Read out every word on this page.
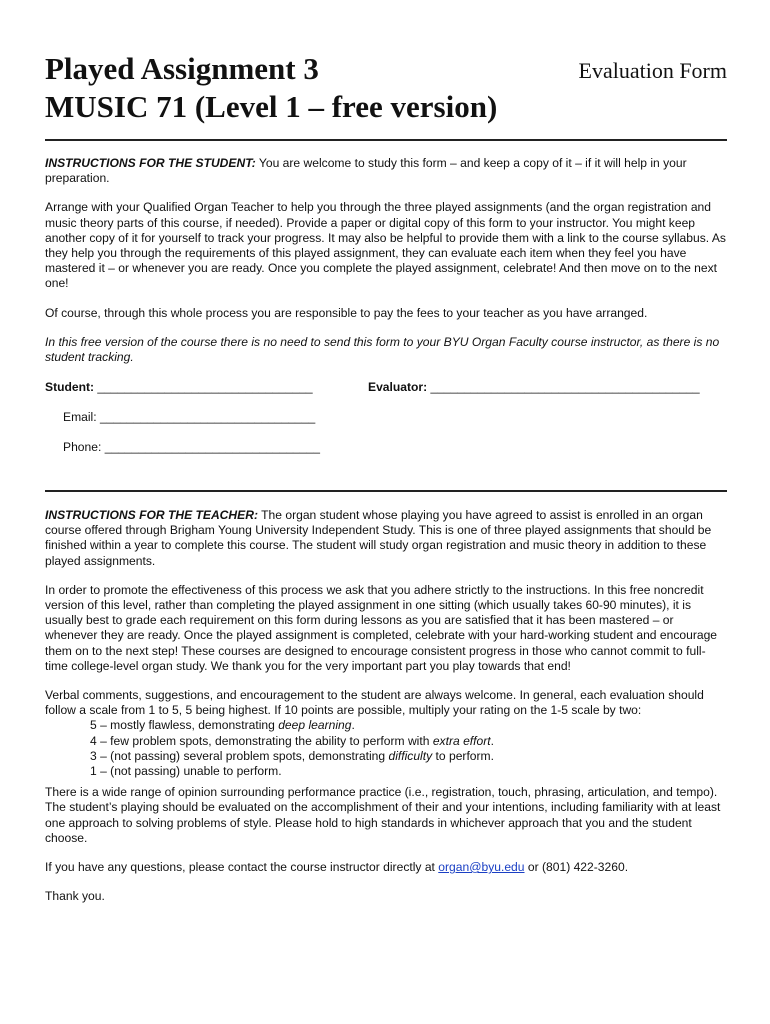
Played Assignment 3
MUSIC 71 (Level 1 – free version)
Evaluation Form

INSTRUCTIONS FOR THE STUDENT: You are welcome to study this form – and keep a copy of it – if it will help in your preparation.

Arrange with your Qualified Organ Teacher to help you through the three played assignments (and the organ registration and music theory parts of this course, if needed). Provide a paper or digital copy of this form to your instructor. You might keep another copy of it for yourself to track your progress. It may also be helpful to provide them with a link to the course syllabus. As they help you through the requirements of this played assignment, they can evaluate each item when they feel you have mastered it – or whenever you are ready. Once you complete the played assignment, celebrate! And then move on to the next one!

Of course, through this whole process you are responsible to pay the fees to your teacher as you have arranged.

In this free version of the course there is no need to send this form to your BYU Organ Faculty course instructor, as there is no student tracking.

Student: ________________________________	Evaluator: ________________________________________
Email: ________________________________
Phone: ________________________________

INSTRUCTIONS FOR THE TEACHER: The organ student whose playing you have agreed to assist is enrolled in an organ course offered through Brigham Young University Independent Study. This is one of three played assignments that should be finished within a year to complete this course. The student will study organ registration and music theory in addition to these played assignments.

In order to promote the effectiveness of this process we ask that you adhere strictly to the instructions. In this free noncredit version of this level, rather than completing the played assignment in one sitting (which usually takes 60-90 minutes), it is usually best to grade each requirement on this form during lessons as you are satisfied that it has been mastered – or whenever they are ready. Once the played assignment is completed, celebrate with your hard-working student and encourage them on to the next step! These courses are designed to encourage consistent progress in those who cannot commit to full-time college-level organ study. We thank you for the very important part you play towards that end!

Verbal comments, suggestions, and encouragement to the student are always welcome. In general, each evaluation should follow a scale from 1 to 5, 5 being highest. If 10 points are possible, multiply your rating on the 1-5 scale by two:

5 – mostly flawless, demonstrating deep learning.

4 – few problem spots, demonstrating the ability to perform with extra effort.

3 – (not passing) several problem spots, demonstrating difficulty to perform.

1 – (not passing) unable to perform.

There is a wide range of opinion surrounding performance practice (i.e., registration, touch, phrasing, articulation, and tempo). The student’s playing should be evaluated on the accomplishment of their and your intentions, including familiarity with at least one approach to solving problems of style. Please hold to high standards in whichever approach that you and the student choose.

If you have any questions, please contact the course instructor directly at organ@byu.edu or (801) 422-3260.

Thank you.
